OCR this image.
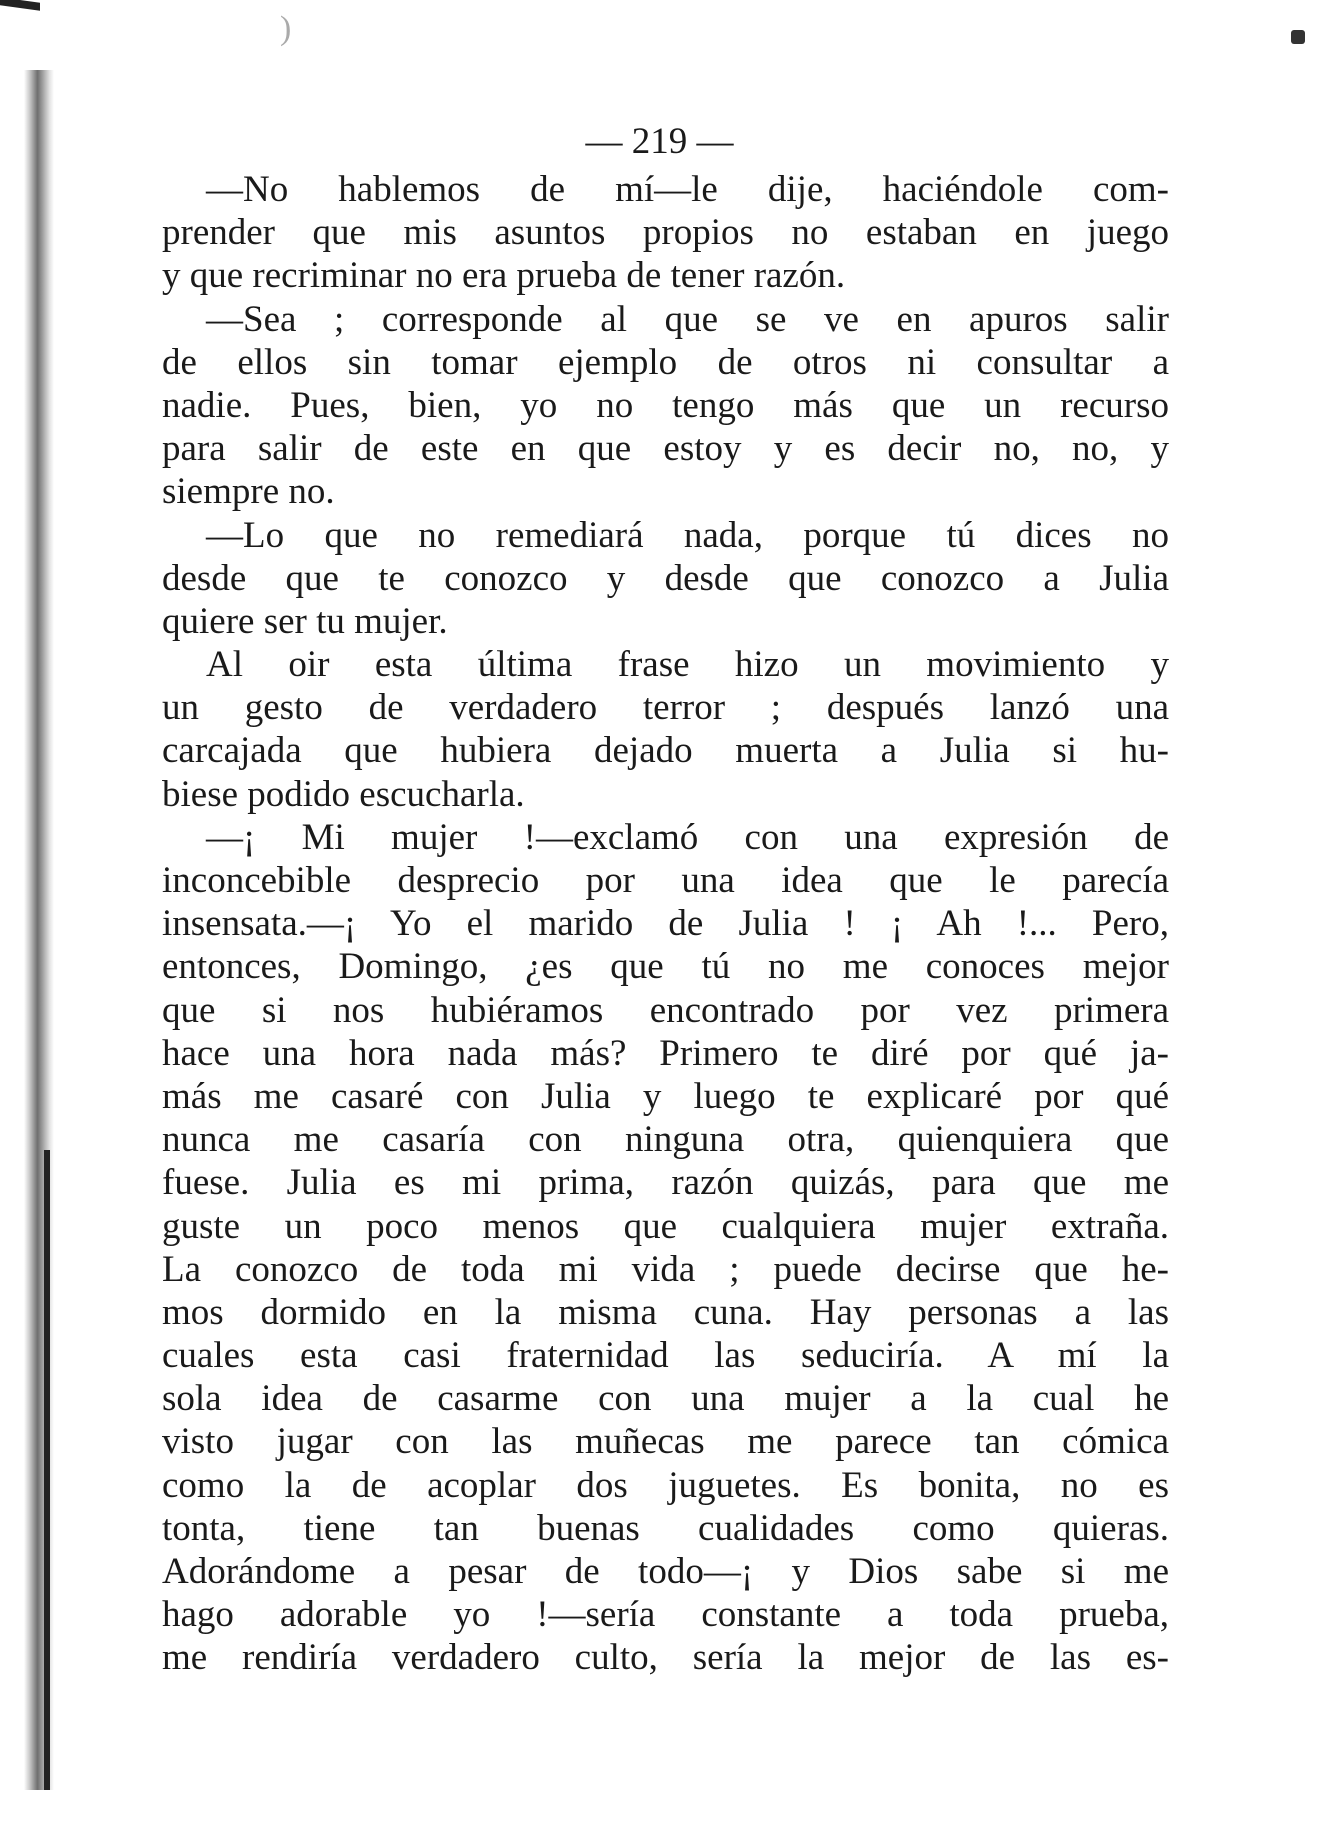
)
— 219 —
—No hablemos de mí—le dije, haciéndole com-
prender que mis asuntos propios no estaban en juego
y que recriminar no era prueba de tener razón.
—Sea ; corresponde al que se ve en apuros salir
de ellos sin tomar ejemplo de otros ni consultar a
nadie. Pues, bien, yo no tengo más que un recurso
para salir de este en que estoy y es decir no, no, y
siempre no.
—Lo que no remediará nada, porque tú dices no
desde que te conozco y desde que conozco a Julia
quiere ser tu mujer.
Al oir esta última frase hizo un movimiento y
un gesto de verdadero terror ; después lanzó una
carcajada que hubiera dejado muerta a Julia si hu-
biese podido escucharla.
—¡ Mi mujer !—exclamó con una expresión de
inconcebible desprecio por una idea que le parecía
insensata.—¡ Yo el marido de Julia ! ¡ Ah !... Pero,
entonces, Domingo, ¿es que tú no me conoces mejor
que si nos hubiéramos encontrado por vez primera
hace una hora nada más? Primero te diré por qué ja-
más me casaré con Julia y luego te explicaré por qué
nunca me casaría con ninguna otra, quienquiera que
fuese. Julia es mi prima, razón quizás, para que me
guste un poco menos que cualquiera mujer extraña.
La conozco de toda mi vida ; puede decirse que he-
mos dormido en la misma cuna. Hay personas a las
cuales esta casi fraternidad las seduciría. A mí la
sola idea de casarme con una mujer a la cual he
visto jugar con las muñecas me parece tan cómica
como la de acoplar dos juguetes. Es bonita, no es
tonta, tiene tan buenas cualidades como quieras.
Adorándome a pesar de todo—¡ y Dios sabe si me
hago adorable yo !—sería constante a toda prueba,
me rendiría verdadero culto, sería la mejor de las es-
